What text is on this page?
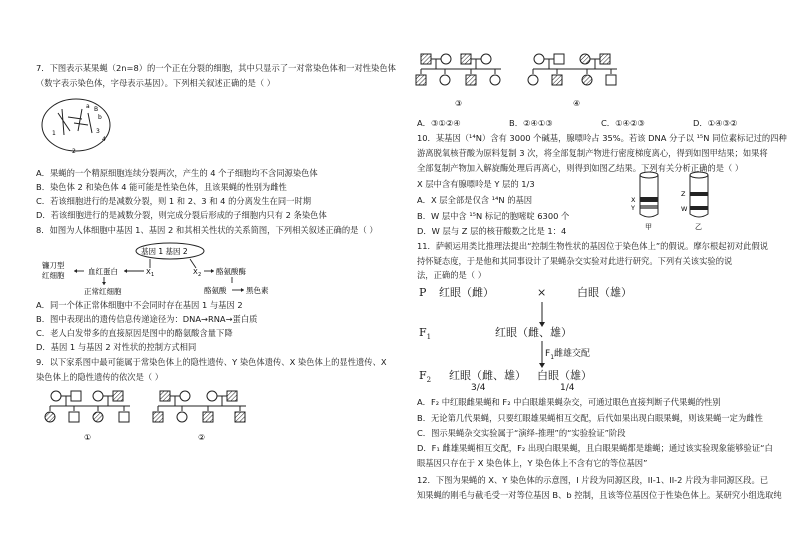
7．下图表示某果蝇（2n=8）的一个正在分裂的细胞，其中只显示了一对常染色体和一对性染色体
（数字表示染色体，字母表示基因）。下列相关叙述正确的是（ ）
a B
b
1	3
4
2
A．果蝇的一个精原细胞连续分裂两次，产生的 4 个子细胞均不含同源染色体
B．染色体 2 和染色体 4 能可能是性染色体，且该果蝇的性别为雌性
C．若该细胞进行的是减数分裂，则 1 和 2、3 和 4 的分离发生在同一时期
D．若该细胞进行的是减数分裂，则完成分裂后形成的子细胞内只有 2 条染色体
8．如图为人体细胞中基因 1、基因 2 和其相关性状的关系简图，下列相关叙述正确的是（ ）
基因 1 基因 2
X 1	X 2
血红蛋白
镰刀型
红细胞
正常红细胞
酪氨酸酶
酪氨酸	黑色素
A．同一个体正常体细胞中不会同时存在基因 1 与基因 2
B．图中表现出的遗传信息传递途径为：DNA→RNA→蛋白质
C．老人白发带多的直接原因是图中的酪氨酸含量下降
D．基因 1 与基因 2 对性状的控制方式相同
9．以下家系图中最可能属于常染色体上的隐性遗传、Y 染色体遗传、X 染色体上的显性遗传、X
染色体上的隐性遗传的依次是（ ）
①	②
③	④
A．③①②④	B．②④①③	C．①④②③	D．①④③②
10．某基因（¹⁴N）含有 3000 个碱基，腺嘌呤占 35%。若该 DNA 分子以 ¹⁵N 同位素标记过的四种
游离脱氧核苷酸为原料复制 3 次，将全部复制产物进行密度梯度离心，得到如图甲结果；如果将
全部复制产物加入解旋酶处理后再离心，则得到如图乙结果。下列有关分析正确的是（ ）
X 层中含有腺嘌呤是 Y 层的 1/3
A．X 层全部是仅含 ¹⁴N 的基因
B．W 层中含 ¹⁵N 标记的胞嘧啶 6300 个
D．W 层与 Z 层的核苷酸数之比是 1：4
X
Y
甲
Z
W
乙
11．萨顿运用类比推理法提出“控制生物性状的基因位于染色体上”的假说。摩尔根起初对此假说
持怀疑态度，于是他和其同事设计了果蝇杂交实验对此进行研究。下列有关该实验的说
法，正确的是（ ）
P 红眼（雌）	×	白眼（雄）
$F_1$	红眼（雌、雄）
$F_1$雌雄交配
$F_2$ 红眼（雌、雄） 白眼（雄）
3/4	1/4
A．F₂ 中红眼雌果蝇和 F₂ 中白眼雄果蝇杂交，可通过眼色直接判断子代果蝇的性别
B．无论第几代果蝇，只要红眼雄果蝇相互交配，后代如果出现白眼果蝇，则该果蝇一定为雌性
C．图示果蝇杂交实验属于“演绎-推理”的“实验验证”阶段
D．F₁ 雌雄果蝇相互交配，F₂ 出现白眼果蝇，且白眼果蝇都是雄蝇；通过该实验现象能够验证“白
眼基因只存在于 X 染色体上，Y 染色体上不含有它的等位基因”
12．下图为果蝇的 X、Y 染色体的示意图，I 片段为同源区段，II-1、II-2 片段为非同源区段。已
知果蝇的刚毛与截毛受一对等位基因 B、b 控制，且该等位基因位于性染色体上。某研究小组选取纯
